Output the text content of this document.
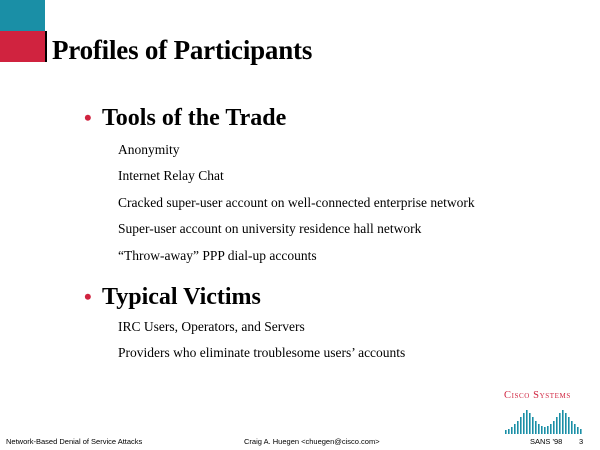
Profiles of Participants
• Tools of the Trade
Anonymity
Internet Relay Chat
Cracked super-user account on well-connected enterprise network
Super-user account on university residence hall network
“Throw-away” PPP dial-up accounts
• Typical Victims
IRC Users, Operators, and Servers
Providers who eliminate troublesome users’ accounts
Cisco Systems
Network-Based Denial of Service Attacks	Craig A. Huegen <chuegen@cisco.com>	SANS '98 3
